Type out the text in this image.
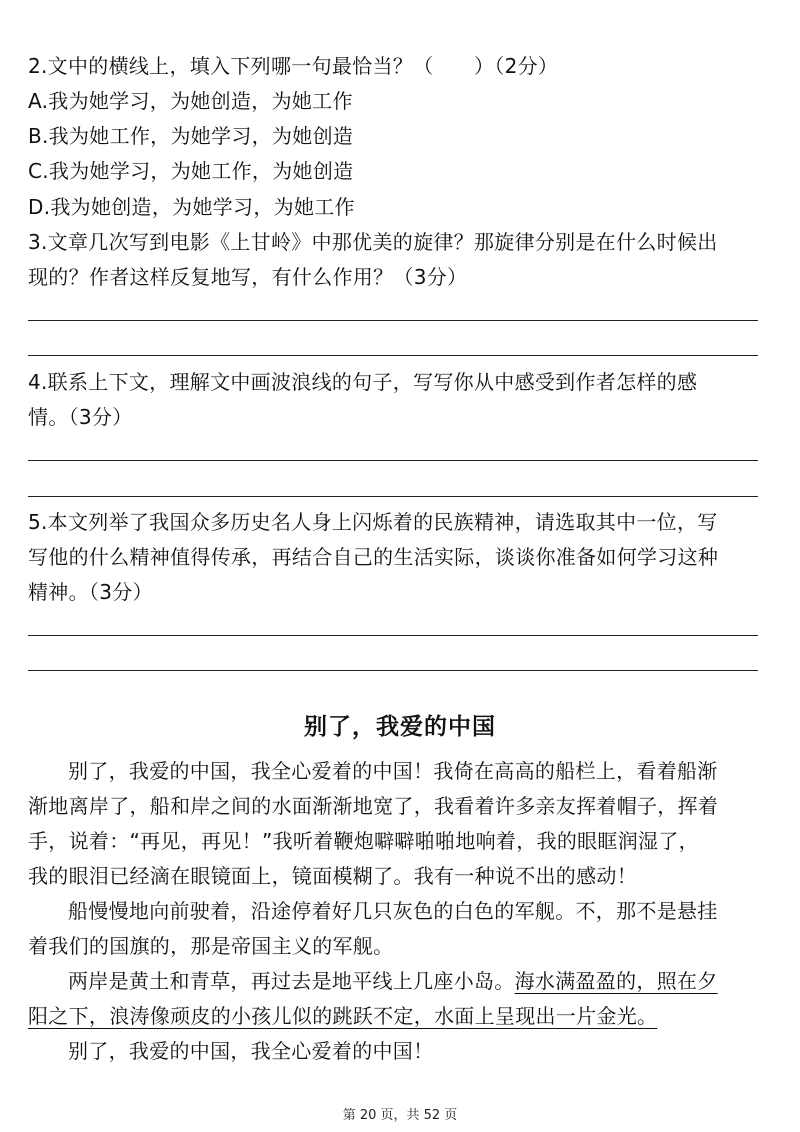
2.文中的横线上，填入下列哪一句最恰当？（　　）（2分）
A.我为她学习，为她创造，为她工作
B.我为她工作，为她学习，为她创造
C.我为她学习，为她工作，为她创造
D.我为她创造，为她学习，为她工作
3.文章几次写到电影《上甘岭》中那优美的旋律？那旋律分别是在什么时候出
现的？作者这样反复地写，有什么作用？（3分）
4.联系上下文，理解文中画波浪线的句子，写写你从中感受到作者怎样的感
情。（3分）
5.本文列举了我国众多历史名人身上闪烁着的民族精神，请选取其中一位，写
写他的什么精神值得传承，再结合自己的生活实际，谈谈你准备如何学习这种
精神。（3分）
别了，我爱的中国
别了，我爱的中国，我全心爱着的中国！我倚在高高的船栏上，看着船渐
渐地离岸了，船和岸之间的水面渐渐地宽了，我看着许多亲友挥着帽子，挥着
手，说着：“再见，再见！”我听着鞭炮噼噼啪啪地响着，我的眼眶润湿了，
我的眼泪已经滴在眼镜面上，镜面模糊了。我有一种说不出的感动！
船慢慢地向前驶着，沿途停着好几只灰色的白色的军舰。不，那不是悬挂
着我们的国旗的，那是帝国主义的军舰。
两岸是黄土和青草，再过去是地平线上几座小岛。海水满盈盈的，照在夕
阳之下，浪涛像顽皮的小孩儿似的跳跃不定，水面上呈现出一片金光。
别了，我爱的中国，我全心爱着的中国！
第 20 页，共 52 页
